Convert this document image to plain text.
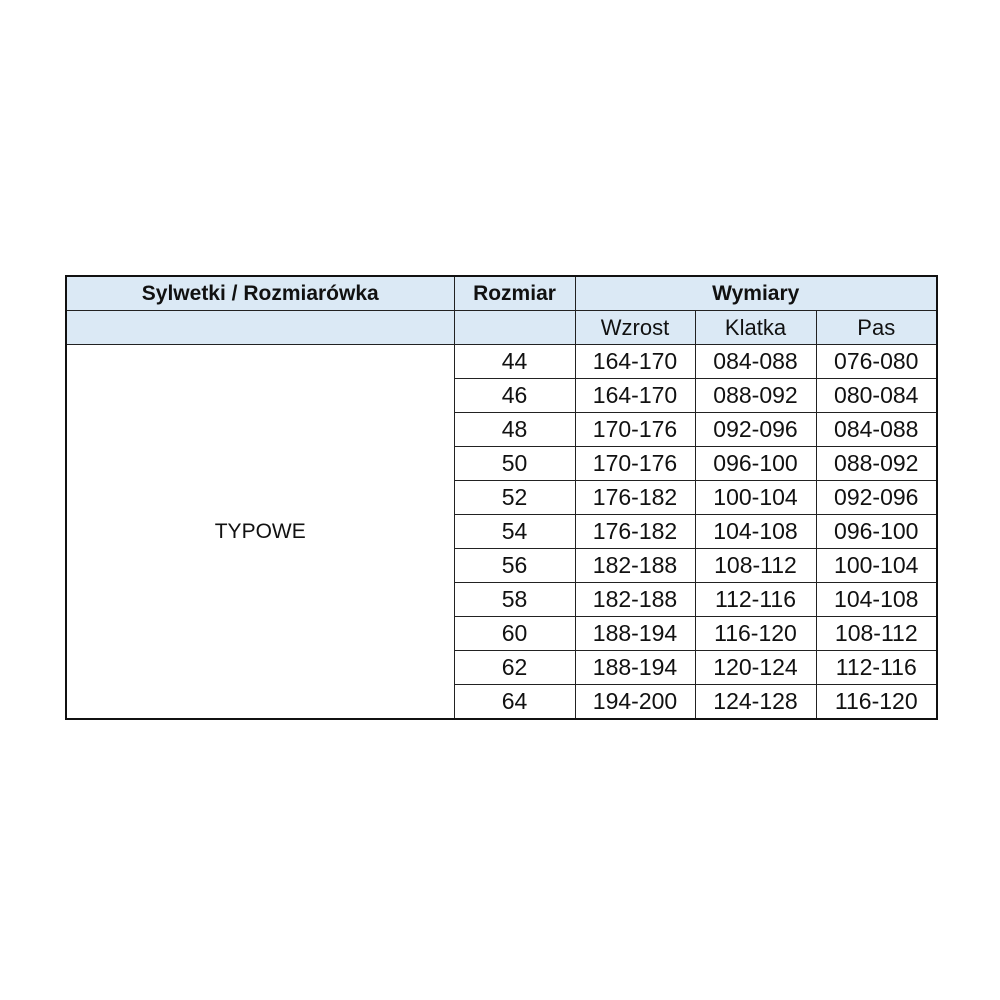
Sylwetki / Rozmiarówka	Rozmiar	Wymiary		
		Wzrost	Klatka	Pas
TYPOWE	44	164-170	084-088	076-080
	46	164-170	088-092	080-084
	48	170-176	092-096	084-088
	50	170-176	096-100	088-092
	52	176-182	100-104	092-096
	54	176-182	104-108	096-100
	56	182-188	108-112	100-104
	58	182-188	112-116	104-108
	60	188-194	116-120	108-112
	62	188-194	120-124	112-116
	64	194-200	124-128	116-120
